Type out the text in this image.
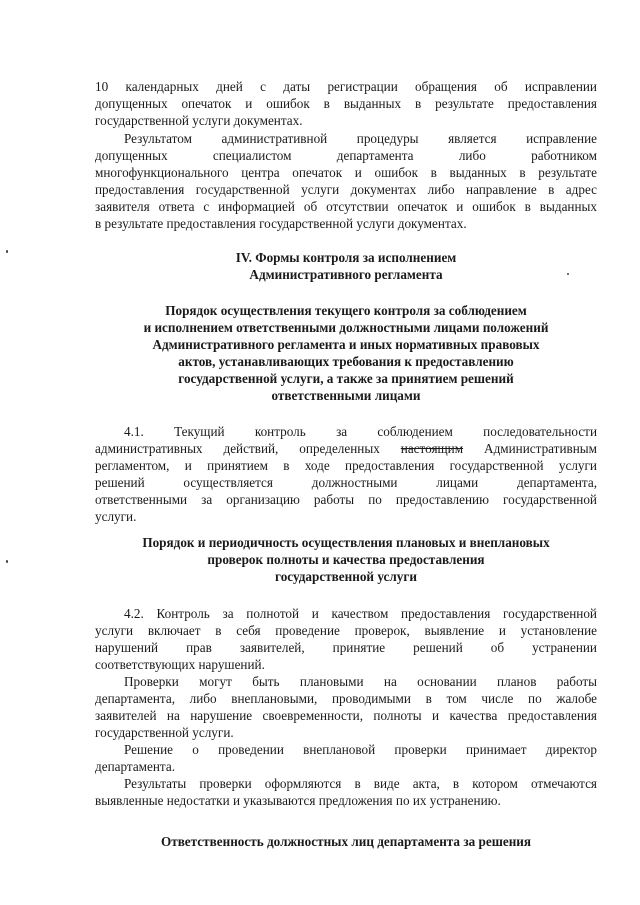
10 календарных дней с даты регистрации обращения об исправлении
допущенных опечаток и ошибок в выданных в результате предоставления
государственной услуги документах.
Результатом административной процедуры является исправление
допущенных специалистом департамента либо работником
многофункционального центра опечаток и ошибок в выданных в результате
предоставления государственной услуги документах либо направление в адрес
заявителя ответа с информацией об отсутствии опечаток и ошибок в выданных
в результате предоставления государственной услуги документах.
IV. Формы контроля за исполнением
Административного регламента
Порядок осуществления текущего контроля за соблюдением
и исполнением ответственными должностными лицами положений
Административного регламента и иных нормативных правовых
актов, устанавливающих требования к предоставлению
государственной услуги, а также за принятием решений
ответственными лицами
4.1. Текущий контроль за соблюдением последовательности
административных действий, определенных настоящим Административным
регламентом, и принятием в ходе предоставления государственной услуги
решений осуществляется должностными лицами департамента,
ответственными за организацию работы по предоставлению государственной
услуги.
Порядок и периодичность осуществления плановых и внеплановых
проверок полноты и качества предоставления
государственной услуги
4.2. Контроль за полнотой и качеством предоставления государственной
услуги включает в себя проведение проверок, выявление и установление
нарушений прав заявителей, принятие решений об устранении
соответствующих нарушений.
Проверки могут быть плановыми на основании планов работы
департамента, либо внеплановыми, проводимыми в том числе по жалобе
заявителей на нарушение своевременности, полноты и качества предоставления
государственной услуги.
Решение о проведении внеплановой проверки принимает директор
департамента.
Результаты проверки оформляются в виде акта, в котором отмечаются
выявленные недостатки и указываются предложения по их устранению.
Ответственность должностных лиц департамента за решения
